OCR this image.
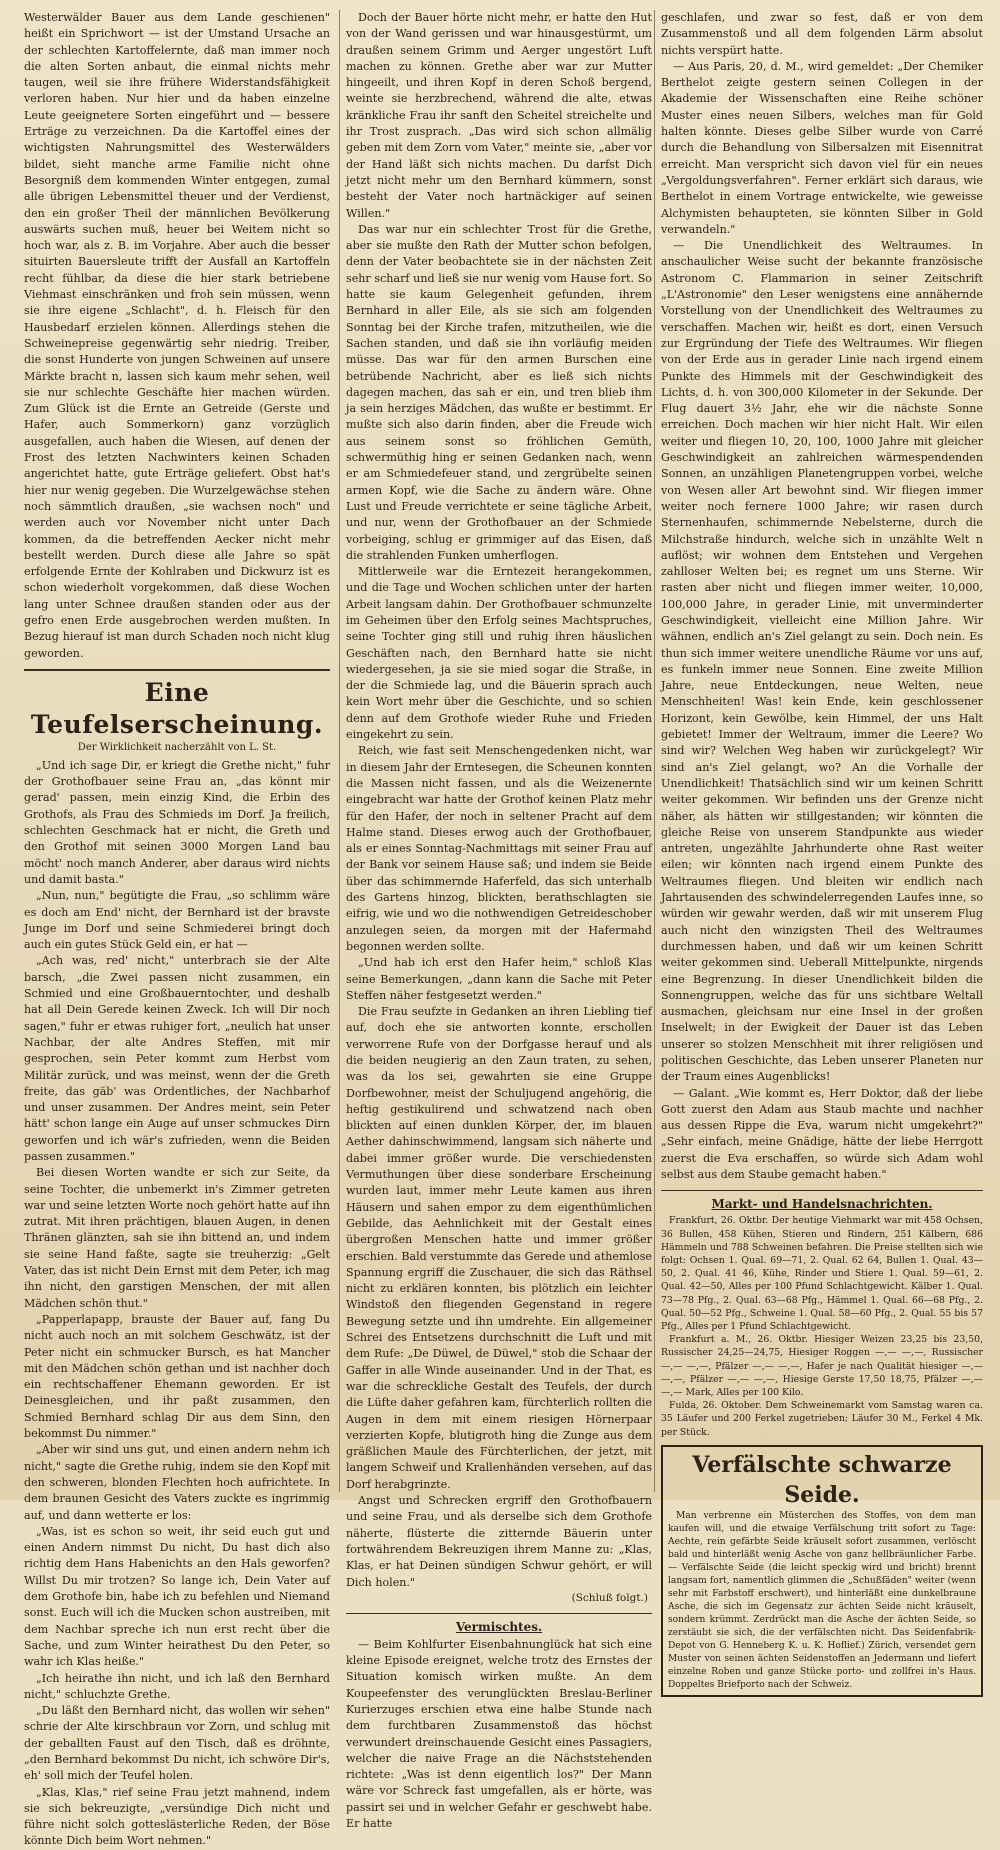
Westerwälder Bauer aus dem Lande geschienen" heißt ein Sprichwort — ist der Umstand Ursache an der schlechten Kartoffelernte, daß man immer noch die alten Sorten anbaut, die einmal nichts mehr taugen, weil sie ihre frühere Widerstandsfähigkeit verloren haben. Nur hier und da haben einzelne Leute geeignetere Sorten eingeführt und — bessere Erträge zu verzeichnen. Da die Kartoffel eines der wichtigsten Nahrungsmittel des Westerwälders bildet, sieht manche arme Familie nicht ohne Besorgniß dem kommenden Winter entgegen, zumal alle übrigen Lebensmittel theuer und der Verdienst, den ein großer Theil der männlichen Bevölkerung auswärts suchen muß, heuer bei Weitem nicht so hoch war, als z. B. im Vorjahre. Aber auch die besser situirten Bauersleute trifft der Ausfall an Kartoffeln recht fühlbar, da diese die hier stark betriebene Viehmast einschränken und froh sein müssen, wenn sie ihre eigene „Schlacht", d. h. Fleisch für den Hausbedarf erzielen können. Allerdings stehen die Schweinepreise gegenwärtig sehr niedrig. Treiber, die sonst Hunderte von jungen Schweinen auf unsere Märkte bracht n, lassen sich kaum mehr sehen, weil sie nur schlechte Geschäfte hier machen würden. Zum Glück ist die Ernte an Getreide (Gerste und Hafer, auch Sommerkorn) ganz vorzüglich ausgefallen, auch haben die Wiesen, auf denen der Frost des letzten Nachwinters keinen Schaden angerichtet hatte, gute Erträge geliefert. Obst hat's hier nur wenig gegeben. Die Wurzelgewächse stehen noch sämmtlich draußen, „sie wachsen noch" und werden auch vor November nicht unter Dach kommen, da die betreffenden Aecker nicht mehr bestellt werden. Durch diese alle Jahre so spät erfolgende Ernte der Kohlraben und Dickwurz ist es schon wiederholt vorgekommen, daß diese Wochen lang unter Schnee draußen standen oder aus der gefro enen Erde ausgebrochen werden mußten. In Bezug hierauf ist man durch Schaden noch nicht klug geworden.

Eine Teufelserscheinung.
Der Wirklichkeit nacherzählt von L. St.

„Und ich sage Dir, er kriegt die Grethe nicht," fuhr der Grothofbauer seine Frau an, „das könnt mir gerad' passen, mein einzig Kind, die Erbin des Grothofs, als Frau des Schmieds im Dorf. Ja freilich, schlechten Geschmack hat er nicht, die Greth und den Grothof mit seinen 3000 Morgen Land bau möcht' noch manch Anderer, aber daraus wird nichts und damit basta."

„Nun, nun," begütigte die Frau, „so schlimm wäre es doch am End' nicht, der Bernhard ist der bravste Junge im Dorf und seine Schmiederei bringt doch auch ein gutes Stück Geld ein, er hat —

„Ach was, red' nicht," unterbrach sie der Alte barsch, „die Zwei passen nicht zusammen, ein Schmied und eine Großbauerntochter, und deshalb hat all Dein Gerede keinen Zweck. Ich will Dir noch sagen," fuhr er etwas ruhiger fort, „neulich hat unser Nachbar, der alte Andres Steffen, mit mir gesprochen, sein Peter kommt zum Herbst vom Militär zurück, und was meinst, wenn der die Greth freite, das gäb' was Ordentliches, der Nachbarhof und unser zusammen. Der Andres meint, sein Peter hätt' schon lange ein Auge auf unser schmuckes Dirn geworfen und ich wär's zufrieden, wenn die Beiden passen zusammen."

Bei diesen Worten wandte er sich zur Seite, da seine Tochter, die unbemerkt in's Zimmer getreten war und seine letzten Worte noch gehört hatte auf ihn zutrat. Mit ihren prächtigen, blauen Augen, in denen Thränen glänzten, sah sie ihn bittend an, und indem sie seine Hand faßte, sagte sie treuherzig: „Gelt Vater, das ist nicht Dein Ernst mit dem Peter, ich mag ihn nicht, den garstigen Menschen, der mit allen Mädchen schön thut."

„Papperlapapp, brauste der Bauer auf, fang Du nicht auch noch an mit solchem Geschwätz, ist der Peter nicht ein schmucker Bursch, es hat Mancher mit den Mädchen schön gethan und ist nachher doch ein rechtschaffener Ehemann geworden. Er ist Deinesgleichen, und ihr paßt zusammen, den Schmied Bernhard schlag Dir aus dem Sinn, den bekommst Du nimmer."

„Aber wir sind uns gut, und einen andern nehm ich nicht," sagte die Grethe ruhig, indem sie den Kopf mit den schweren, blonden Flechten hoch aufrichtete. In dem braunen Gesicht des Vaters zuckte es ingrimmig auf, und dann wetterte er los:

„Was, ist es schon so weit, ihr seid euch gut und einen Andern nimmst Du nicht, Du hast dich also richtig dem Hans Habenichts an den Hals geworfen? Willst Du mir trotzen? So lange ich, Dein Vater auf dem Grothofe bin, habe ich zu befehlen und Niemand sonst. Euch will ich die Mucken schon austreiben, mit dem Nachbar spreche ich nun erst recht über die Sache, und zum Winter heirathest Du den Peter, so wahr ich Klas heiße."

„Ich heirathe ihn nicht, und ich laß den Bernhard nicht," schluchzte Grethe.

„Du läßt den Bernhard nicht, das wollen wir sehen" schrie der Alte kirschbraun vor Zorn, und schlug mit der geballten Faust auf den Tisch, daß es dröhnte, „den Bernhard bekommst Du nicht, ich schwöre Dir's, eh' soll mich der Teufel holen.

„Klas, Klas," rief seine Frau jetzt mahnend, indem sie sich bekreuzigte, „versündige Dich nicht und führe nicht solch gotteslästerliche Reden, der Böse könnte Dich beim Wort nehmen."

Doch der Bauer hörte nicht mehr, er hatte den Hut von der Wand gerissen und war hinausgestürmt, um draußen seinem Grimm und Aerger ungestört Luft machen zu können. Grethe aber war zur Mutter hingeeilt, und ihren Kopf in deren Schoß bergend, weinte sie herzbrechend, während die alte, etwas kränkliche Frau ihr sanft den Scheitel streichelte und ihr Trost zusprach. „Das wird sich schon allmälig geben mit dem Zorn vom Vater," meinte sie, „aber vor der Hand läßt sich nichts machen. Du darfst Dich jetzt nicht mehr um den Bernhard kümmern, sonst besteht der Vater noch hartnäckiger auf seinen Willen."

Das war nur ein schlechter Trost für die Grethe, aber sie mußte den Rath der Mutter schon befolgen, denn der Vater beobachtete sie in der nächsten Zeit sehr scharf und ließ sie nur wenig vom Hause fort. So hatte sie kaum Gelegenheit gefunden, ihrem Bernhard in aller Eile, als sie sich am folgenden Sonntag bei der Kirche trafen, mitzutheilen, wie die Sachen standen, und daß sie ihn vorläufig meiden müsse. Das war für den armen Burschen eine betrübende Nachricht, aber es ließ sich nichts dagegen machen, das sah er ein, und tren blieb ihm ja sein herziges Mädchen, das wußte er bestimmt. Er mußte sich also darin finden, aber die Freude wich aus seinem sonst so fröhlichen Gemüth, schwermüthig hing er seinen Gedanken nach, wenn er am Schmiedefeuer stand, und zergrübelte seinen armen Kopf, wie die Sache zu ändern wäre. Ohne Lust und Freude verrichtete er seine tägliche Arbeit, und nur, wenn der Grothofbauer an der Schmiede vorbeiging, schlug er grimmiger auf das Eisen, daß die strahlenden Funken umherflogen.

Mittlerweile war die Erntezeit herangekommen, und die Tage und Wochen schlichen unter der harten Arbeit langsam dahin. Der Grothofbauer schmunzelte im Geheimen über den Erfolg seines Machtspruches, seine Tochter ging still und ruhig ihren häuslichen Geschäften nach, den Bernhard hatte sie nicht wiedergesehen, ja sie sie mied sogar die Straße, in der die Schmiede lag, und die Bäuerin sprach auch kein Wort mehr über die Geschichte, und so schien denn auf dem Grothofe wieder Ruhe und Frieden eingekehrt zu sein.

Reich, wie fast seit Menschengedenken nicht, war in diesem Jahr der Erntesegen, die Scheunen konnten die Massen nicht fassen, und als die Weizenernte eingebracht war hatte der Grothof keinen Platz mehr für den Hafer, der noch in seltener Pracht auf dem Halme stand. Dieses erwog auch der Grothofbauer, als er eines Sonntag-Nachmittags mit seiner Frau auf der Bank vor seinem Hause saß; und indem sie Beide über das schimmernde Haferfeld, das sich unterhalb des Gartens hinzog, blickten, berathschlagten sie eifrig, wie und wo die nothwendigen Getreideschober anzulegen seien, da morgen mit der Hafermahd begonnen werden sollte.

„Und hab ich erst den Hafer heim," schloß Klas seine Bemerkungen, „dann kann die Sache mit Peter Steffen näher festgesetzt werden."

Die Frau seufzte in Gedanken an ihren Liebling tief auf, doch ehe sie antworten konnte, erschollen verworrene Rufe von der Dorfgasse herauf und als die beiden neugierig an den Zaun traten, zu sehen, was da los sei, gewahrten sie eine Gruppe Dorfbewohner, meist der Schuljugend angehörig, die heftig gestikulirend und schwatzend nach oben blickten auf einen dunklen Körper, der, im blauen Aether dahinschwimmend, langsam sich näherte und dabei immer größer wurde. Die verschiedensten Vermuthungen über diese sonderbare Erscheinung wurden laut, immer mehr Leute kamen aus ihren Häusern und sahen empor zu dem eigenthümlichen Gebilde, das Aehnlichkeit mit der Gestalt eines übergroßen Menschen hatte und immer größer erschien. Bald verstummte das Gerede und athemlose Spannung ergriff die Zuschauer, die sich das Räthsel nicht zu erklären konnten, bis plötzlich ein leichter Windstoß den fliegenden Gegenstand in regere Bewegung setzte und ihn umdrehte. Ein allgemeiner Schrei des Entsetzens durchschnitt die Luft und mit dem Rufe: „De Düwel, de Düwel," stob die Schaar der Gaffer in alle Winde auseinander. Und in der That, es war die schreckliche Gestalt des Teufels, der durch die Lüfte daher gefahren kam, fürchterlich rollten die Augen in dem mit einem riesigen Hörnerpaar verzierten Kopfe, blutigroth hing die Zunge aus dem gräßlichen Maule des Fürchterlichen, der jetzt, mit langem Schweif und Krallenhänden versehen, auf das Dorf herabgrinzte.

Angst und Schrecken ergriff den Grothofbauern und seine Frau, und als derselbe sich dem Grothofe näherte, flüsterte die zitternde Bäuerin unter fortwährendem Bekreuzigen ihrem Manne zu: „Klas, Klas, er hat Deinen sündigen Schwur gehört, er will Dich holen."

(Schluß folgt.)
Vermischtes.

— Beim Kohlfurter Eisenbahnunglück hat sich eine kleine Episode ereignet, welche trotz des Ernstes der Situation komisch wirken mußte. An dem Koupeefenster des verunglückten Breslau-Berliner Kurierzuges erschien etwa eine halbe Stunde nach dem furchtbaren Zusammenstoß das höchst verwundert dreinschauende Gesicht eines Passagiers, welcher die naive Frage an die Nächststehenden richtete: „Was ist denn eigentlich los?" Der Mann wäre vor Schreck fast umgefallen, als er hörte, was passirt sei und in welcher Gefahr er geschwebt habe. Er hatte

geschlafen, und zwar so fest, daß er von dem Zusammenstoß und all dem folgenden Lärm absolut nichts verspürt hatte.

— Aus Paris, 20, d. M., wird gemeldet: „Der Chemiker Berthelot zeigte gestern seinen Collegen in der Akademie der Wissenschaften eine Reihe schöner Muster eines neuen Silbers, welches man für Gold halten könnte. Dieses gelbe Silber wurde von Carré durch die Behandlung von Silbersalzen mit Eisennitrat erreicht. Man verspricht sich davon viel für ein neues „Vergoldungsverfahren". Ferner erklärt sich daraus, wie Berthelot in einem Vortrage entwickelte, wie geweisse Alchymisten behaupteten, sie könnten Silber in Gold verwandeln."

— Die Unendlichkeit des Weltraumes. In anschaulicher Weise sucht der bekannte französische Astronom C. Flammarion in seiner Zeitschrift „L'Astronomie" den Leser wenigstens eine annähernde Vorstellung von der Unendlichkeit des Weltraumes zu verschaffen. Machen wir, heißt es dort, einen Versuch zur Ergründung der Tiefe des Weltraumes. Wir fliegen von der Erde aus in gerader Linie nach irgend einem Punkte des Himmels mit der Geschwindigkeit des Lichts, d. h. von 300,000 Kilometer in der Sekunde. Der Flug dauert 3½ Jahr, ehe wir die nächste Sonne erreichen. Doch machen wir hier nicht Halt. Wir eilen weiter und fliegen 10, 20, 100, 1000 Jahre mit gleicher Geschwindigkeit an zahlreichen wärmespendenden Sonnen, an unzähligen Planetengruppen vorbei, welche von Wesen aller Art bewohnt sind. Wir fliegen immer weiter noch fernere 1000 Jahre; wir rasen durch Sternenhaufen, schimmernde Nebelsterne, durch die Milchstraße hindurch, welche sich in unzählte Welt n auflöst; wir wohnen dem Entstehen und Vergehen zahlloser Welten bei; es regnet um uns Sterne. Wir rasten aber nicht und fliegen immer weiter, 10,000, 100,000 Jahre, in gerader Linie, mit unverminderter Geschwindigkeit, vielleicht eine Million Jahre. Wir wähnen, endlich an's Ziel gelangt zu sein. Doch nein. Es thun sich immer weitere unendliche Räume vor uns auf, es funkeln immer neue Sonnen. Eine zweite Million Jahre, neue Entdeckungen, neue Welten, neue Menschheiten! Was! kein Ende, kein geschlossener Horizont, kein Gewölbe, kein Himmel, der uns Halt gebietet! Immer der Weltraum, immer die Leere? Wo sind wir? Welchen Weg haben wir zurückgelegt? Wir sind an's Ziel gelangt, wo? An die Vorhalle der Unendlichkeit! Thatsächlich sind wir um keinen Schritt weiter gekommen. Wir befinden uns der Grenze nicht näher, als hätten wir stillgestanden; wir könnten die gleiche Reise von unserem Standpunkte aus wieder antreten, ungezählte Jahrhunderte ohne Rast weiter eilen; wir könnten nach irgend einem Punkte des Weltraumes fliegen. Und bleiten wir endlich nach Jahrtausenden des schwindelerregenden Laufes inne, so würden wir gewahr werden, daß wir mit unserem Flug auch nicht den winzigsten Theil des Weltraumes durchmessen haben, und daß wir um keinen Schritt weiter gekommen sind. Ueberall Mittelpunkte, nirgends eine Begrenzung. In dieser Unendlichkeit bilden die Sonnengruppen, welche das für uns sichtbare Weltall ausmachen, gleichsam nur eine Insel in der großen Inselwelt; in der Ewigkeit der Dauer ist das Leben unserer so stolzen Menschheit mit ihrer religiösen und politischen Geschichte, das Leben unserer Planeten nur der Traum eines Augenblicks!

— Galant. „Wie kommt es, Herr Doktor, daß der liebe Gott zuerst den Adam aus Staub machte und nachher aus dessen Rippe die Eva, warum nicht umgekehrt?" „Sehr einfach, meine Gnädige, hätte der liebe Herrgott zuerst die Eva erschaffen, so würde sich Adam wohl selbst aus dem Staube gemacht haben."

Markt- und Handelsnachrichten.

Frankfurt, 26. Oktbr. Der heutige Viehmarkt war mit 458 Ochsen, 36 Bullen, 458 Kühen, Stieren und Rindern, 251 Kälbern, 686 Hämmeln und 788 Schweinen befahren. Die Preise stellten sich wie folgt: Ochsen 1. Qual. 69—71, 2. Qual. 62 64, Bullen 1. Qual. 43—50, 2. Qual. 41 46, Kühe, Rinder und Stiere 1. Qual. 59—61, 2. Qual. 42—50, Alles per 100 Pfund Schlachtgewicht. Kälber 1. Qual. 73—78 Pfg., 2. Qual. 63—68 Pfg., Hämmel 1. Qual. 66—68 Pfg., 2. Qual. 50—52 Pfg., Schweine 1. Qual. 58—60 Pfg., 2. Qual. 55 bis 57 Pfg., Alles per 1 Pfund Schlachtgewicht.

Frankfurt a. M., 26. Oktbr. Hiesiger Weizen 23,25 bis 23,50, Russischer 24,25—24,75, Hiesiger Roggen —,— —,—, Russischer —,— —,—, Pfälzer —,— —,—, Hafer je nach Qualität hiesiger —,— —,—, Pfälzer —,— —,—, Hiesige Gerste 17,50 18,75, Pfälzer —,— —,— Mark, Alles per 100 Kilo.

Fulda, 26. Oktober. Dem Schweinemarkt vom Samstag waren ca. 35 Läufer und 200 Ferkel zugetrieben; Läufer 30 M., Ferkel 4 Mk. per Stück.

Verfälschte schwarze Seide.

Man verbrenne ein Müsterchen des Stoffes, von dem man kaufen will, und die etwaige Verfälschung tritt sofort zu Tage: Aechte, rein gefärbte Seide kräuselt sofort zusammen, verlöscht bald und hinterläßt wenig Asche von ganz hellbräunlicher Farbe. — Verfälschte Seide (die leicht speckig wird und bricht) brennt langsam fort, namentlich glimmen die „Schußfäden" weiter (wenn sehr mit Farbstoff erschwert), und hinterläßt eine dunkelbraune Asche, die sich im Gegensatz zur ächten Seide nicht kräuselt, sondern krümmt. Zerdrückt man die Asche der ächten Seide, so zerstäubt sie sich, die der verfälschten nicht. Das Seidenfabrik-Depot von G. Henneberg K. u. K. Hoflief.) Zürich, versendet gern Muster von seinen ächten Seidenstoffen an Jedermann und liefert einzelne Roben und ganze Stücke porto- und zollfrei in's Haus. Doppeltes Briefporto nach der Schweiz.
